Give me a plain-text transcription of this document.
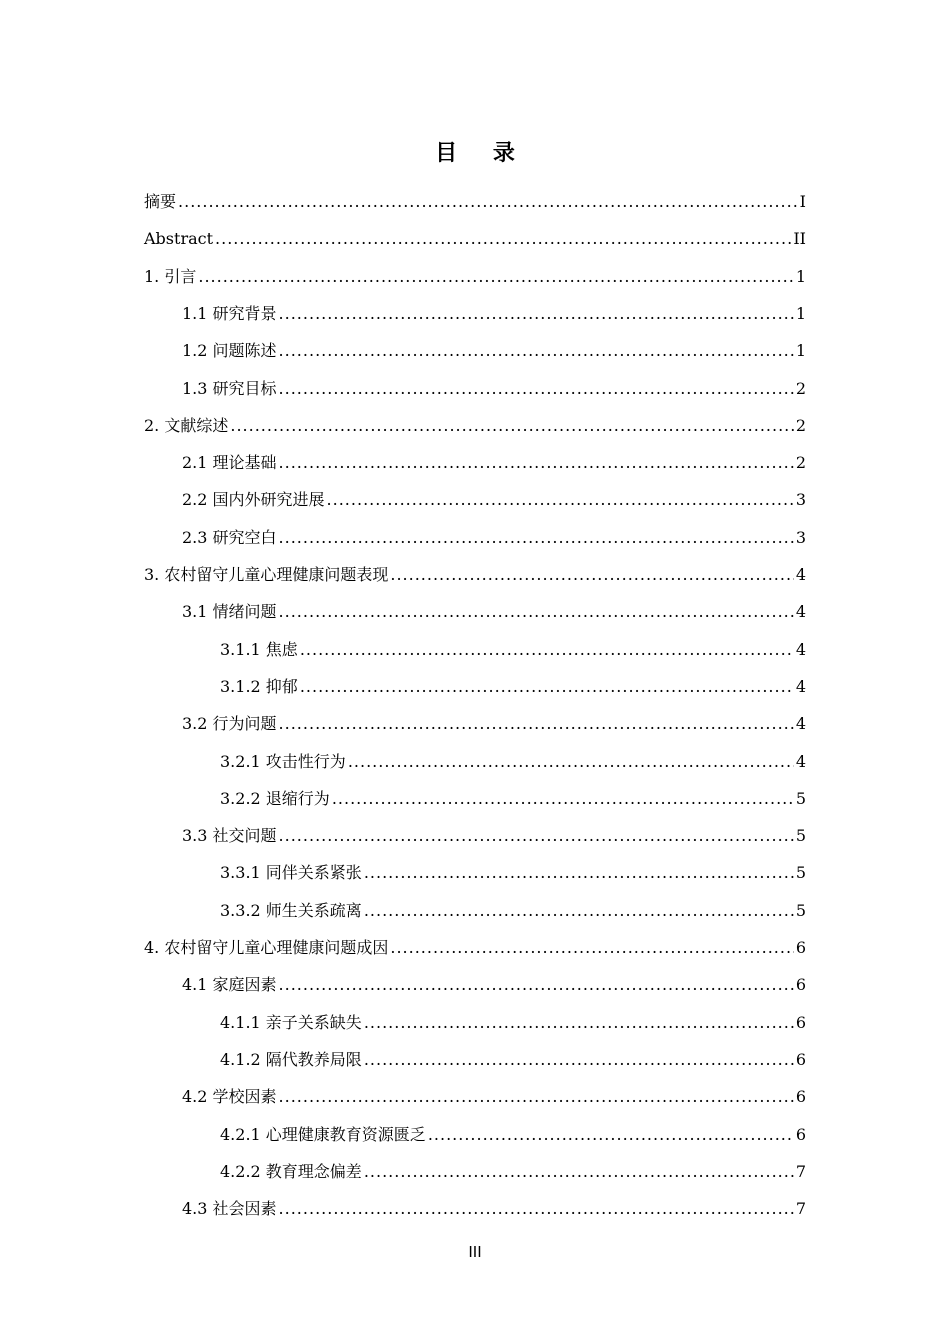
目 录
摘要 .....	I
Abstract .....	II
1. 引言 .....	1
1.1 研究背景 .....	1
1.2 问题陈述 .....	1
1.3 研究目标 .....	2
2. 文献综述 .....	2
2.1 理论基础 .....	2
2.2 国内外研究进展 .....	3
2.3 研究空白 .....	3
3. 农村留守儿童心理健康问题表现 .....	4
3.1 情绪问题 .....	4
3.1.1 焦虑 .....	4
3.1.2 抑郁 .....	4
3.2 行为问题 .....	4
3.2.1 攻击性行为 .....	4
3.2.2 退缩行为 .....	5
3.3 社交问题 .....	5
3.3.1 同伴关系紧张 .....	5
3.3.2 师生关系疏离 .....	5
4. 农村留守儿童心理健康问题成因 .....	6
4.1 家庭因素 .....	6
4.1.1 亲子关系缺失 .....	6
4.1.2 隔代教养局限 .....	6
4.2 学校因素 .....	6
4.2.1 心理健康教育资源匮乏 .....	6
4.2.2 教育理念偏差 .....	7
4.3 社会因素 .....	7
III
